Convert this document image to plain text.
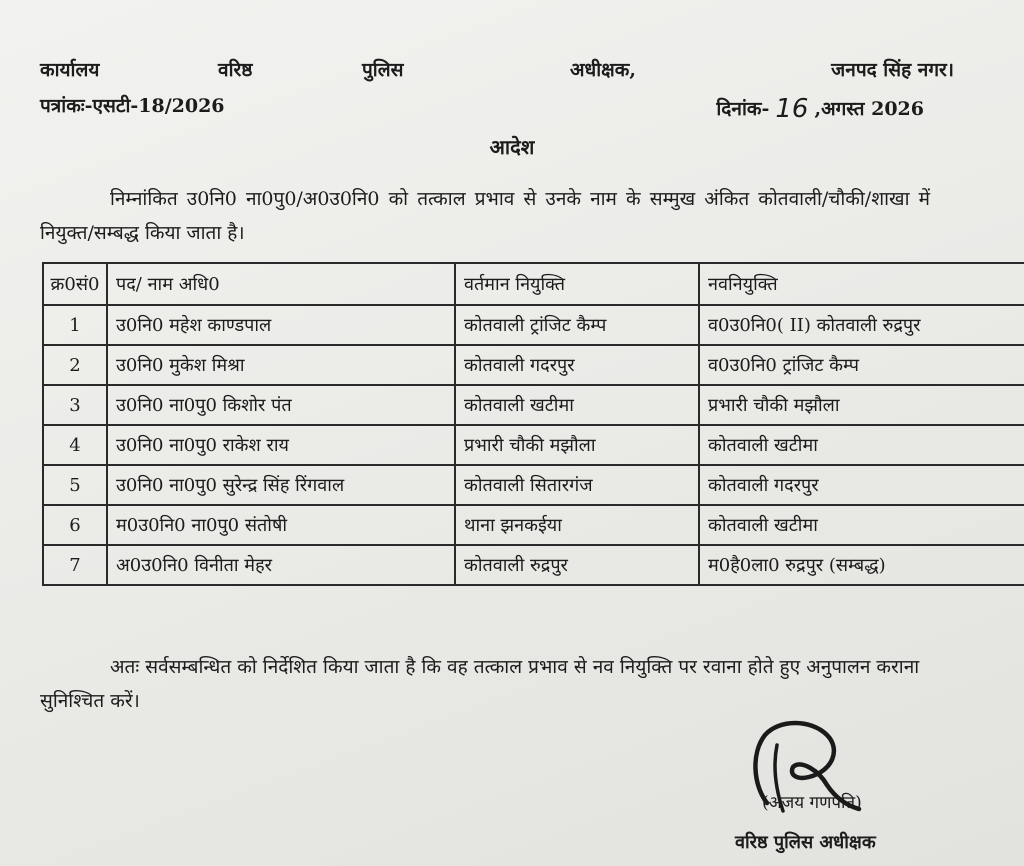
कार्यालय	वरिष्ठ	पुलिस	अधीक्षक,	जनपद सिंह नगर।
पत्रांकः-एसटी-18/2026	दिनांक- 16 ,अगस्त 2026
आदेश
निम्नांकित उ0नि0 ना0पु0/अ0उ0नि0 को तत्काल प्रभाव से उनके नाम के सम्मुख अंकित कोतवाली/चौकी/शाखा में नियुक्त/सम्बद्ध किया जाता है।
क्र0सं0	पद/ नाम अधि0	वर्तमान नियुक्ति	नवनियुक्ति
1	उ0नि0 महेश काण्डपाल	कोतवाली ट्रांजिट कैम्प	व0उ0नि0( II) कोतवाली रुद्रपुर
2	उ0नि0 मुकेश मिश्रा	कोतवाली गदरपुर	व0उ0नि0 ट्रांजिट कैम्प
3	उ0नि0 ना0पु0 किशोर पंत	कोतवाली खटीमा	प्रभारी चौकी मझौला
4	उ0नि0 ना0पु0 राकेश राय	प्रभारी चौकी मझौला	कोतवाली खटीमा
5	उ0नि0 ना0पु0 सुरेन्द्र सिंह रिंगवाल	कोतवाली सितारगंज	कोतवाली गदरपुर
6	म0उ0नि0 ना0पु0 संतोषी	थाना झनकईया	कोतवाली खटीमा
7	अ0उ0नि0 विनीता मेहर	कोतवाली रुद्रपुर	म0है0ला0 रुद्रपुर (सम्बद्ध)
अतः सर्वसम्बन्धित को निर्देशित किया जाता है कि वह तत्काल प्रभाव से नव नियुक्ति पर रवाना होते हुए अनुपालन कराना सुनिश्चित करें।
(अजय गणपति)
वरिष्ठ पुलिस अधीक्षक
